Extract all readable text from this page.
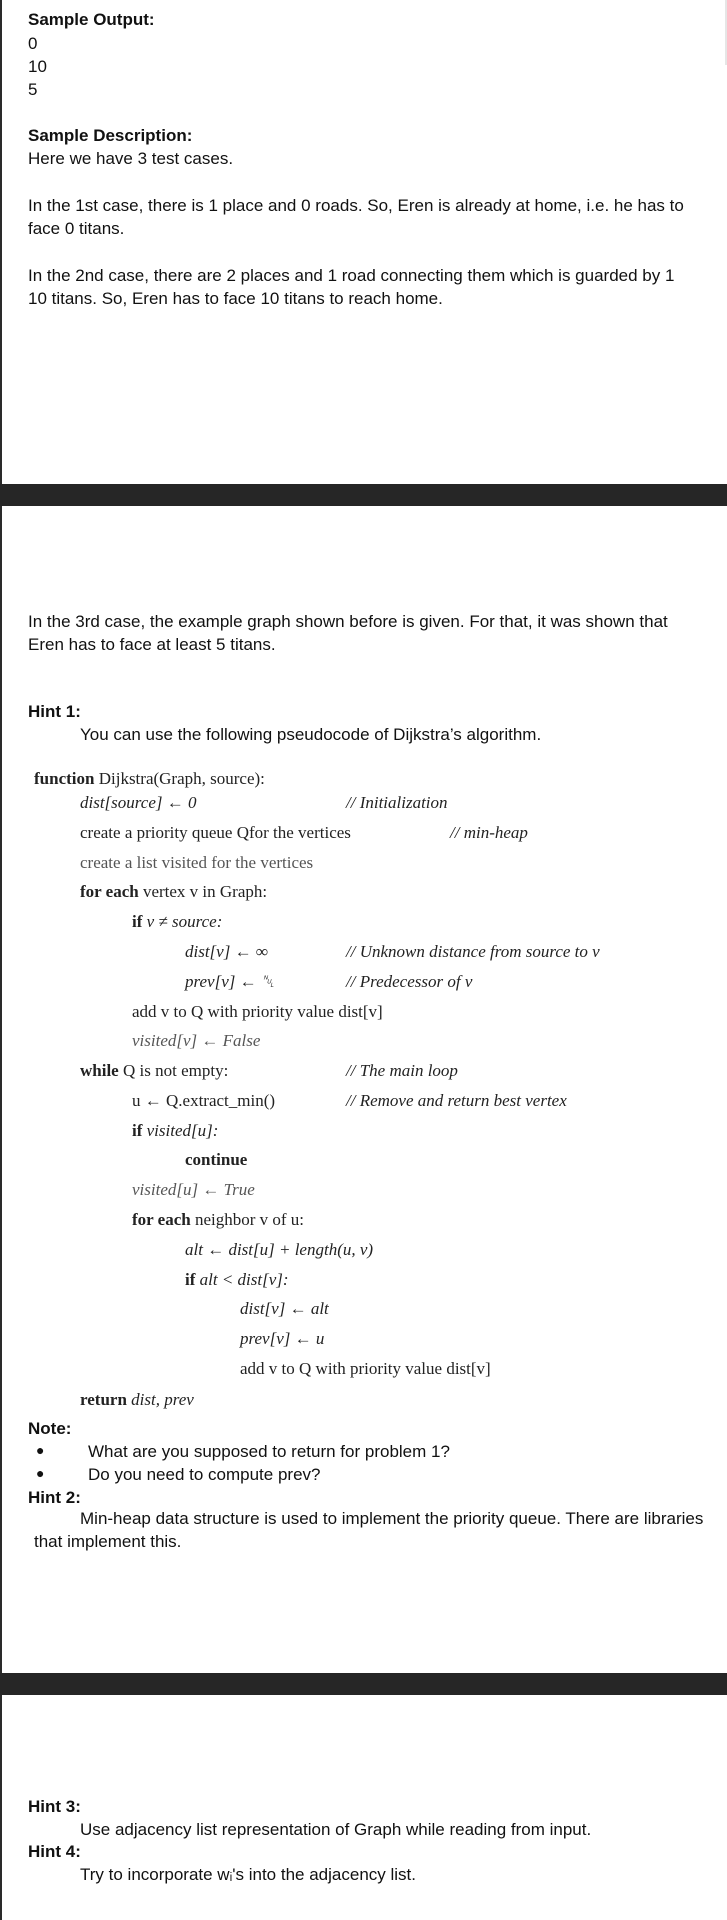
Sample Output:
0
10
5
Sample Description:
Here we have 3 test cases.
In the 1st case, there is 1 place and 0 roads. So, Eren is already at home, i.e. he has to
face 0 titans.
In the 2nd case, there are 2 places and 1 road connecting them which is guarded by 1
10 titans. So, Eren has to face 10 titans to reach home.
In the 3rd case, the example graph shown before is given. For that, it was shown that
Eren has to face at least 5 titans.
Hint 1:
You can use the following pseudocode of Dijkstra’s algorithm.
function Dijkstra(Graph, source):
dist[source] ← 0	// Initialization
create a priority queue Qfor the vertices	// min-heap
create a list visited for the vertices
for each vertex v in Graph:
if v ≠ source:
dist[v] ← ∞	// Unknown distance from source to v
prev[v] ← ␀	// Predecessor of v
add v to Q with priority value dist[v]
visited[v] ← False
while Q is not empty:	// The main loop
u ← Q.extract_min()	// Remove and return best vertex
if visited[u]:
continue
visited[u] ← True
for each neighbor v of u:
alt ← dist[u] + length(u, v)
if alt < dist[v]:
dist[v] ← alt
prev[v] ← u
add v to Q with priority value dist[v]
return dist, prev
Note:
●	What are you supposed to return for problem 1?
●	Do you need to compute prev?
Hint 2:
Min-heap data structure is used to implement the priority queue. There are libraries
that implement this.
Hint 3:
Use adjacency list representation of Graph while reading from input.
Hint 4:
Try to incorporate wᵢ's into the adjacency list.
